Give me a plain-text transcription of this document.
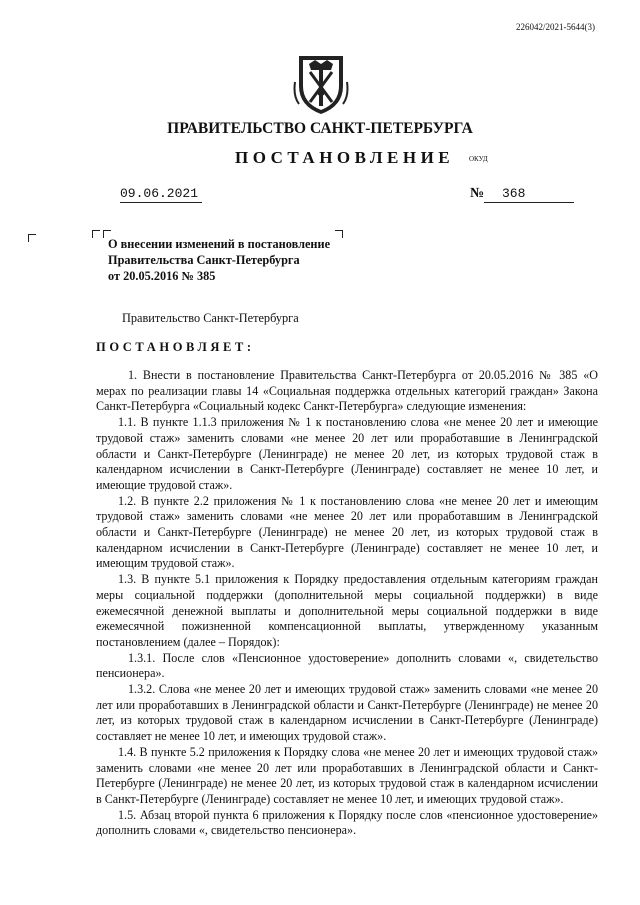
226042/2021-5644(3)
ПРАВИТЕЛЬСТВО САНКТ-ПЕТЕРБУРГА
ПОСТАНОВЛЕНИЕ ОКУД
09.06.2021	№	368
О внесении изменений в постановление
Правительства Санкт-Петербурга
от 20.05.2016 № 385
Правительство Санкт-Петербурга
ПОСТАНОВЛЯЕТ:
1. Внести в постановление Правительства Санкт-Петербурга от 20.05.2016 № 385 «О мерах по реализации главы 14 «Социальная поддержка отдельных категорий граждан» Закона Санкт-Петербурга «Социальный кодекс Санкт-Петербурга» следующие изменения:
1.1. В пункте 1.1.3 приложения № 1 к постановлению слова «не менее 20 лет и имеющие трудовой стаж» заменить словами «не менее 20 лет или проработавшие в Ленинградской области и Санкт-Петербурге (Ленинграде) не менее 20 лет, из которых трудовой стаж в календарном исчислении в Санкт-Петербурге (Ленинграде) составляет не менее 10 лет, и имеющие трудовой стаж».
1.2. В пункте 2.2 приложения № 1 к постановлению слова «не менее 20 лет и имеющим трудовой стаж» заменить словами «не менее 20 лет или проработавшим в Ленинградской области и Санкт-Петербурге (Ленинграде) не менее 20 лет, из которых трудовой стаж в календарном исчислении в Санкт-Петербурге (Ленинграде) составляет не менее 10 лет, и имеющим трудовой стаж».
1.3. В пункте 5.1 приложения к Порядку предоставления отдельным категориям граждан меры социальной поддержки (дополнительной меры социальной поддержки) в виде ежемесячной денежной выплаты и дополнительной меры социальной поддержки в виде ежемесячной пожизненной компенсационной выплаты, утвержденному указанным постановлением (далее – Порядок):
1.3.1. После слов «Пенсионное удостоверение» дополнить словами «, свидетельство пенсионера».
1.3.2. Слова «не менее 20 лет и имеющих трудовой стаж» заменить словами «не менее 20 лет или проработавших в Ленинградской области и Санкт-Петербурге (Ленинграде) не менее 20 лет, из которых трудовой стаж в календарном исчислении в Санкт-Петербурге (Ленинграде) составляет не менее 10 лет, и имеющих трудовой стаж».
1.4. В пункте 5.2 приложения к Порядку слова «не менее 20 лет и имеющих трудовой стаж» заменить словами «не менее 20 лет или проработавших в Ленинградской области и Санкт-Петербурге (Ленинграде) не менее 20 лет, из которых трудовой стаж в календарном исчислении в Санкт-Петербурге (Ленинграде) составляет не менее 10 лет, и имеющих трудовой стаж».
1.5. Абзац второй пункта 6 приложения к Порядку после слов «пенсионное удостоверение» дополнить словами «, свидетельство пенсионера».
